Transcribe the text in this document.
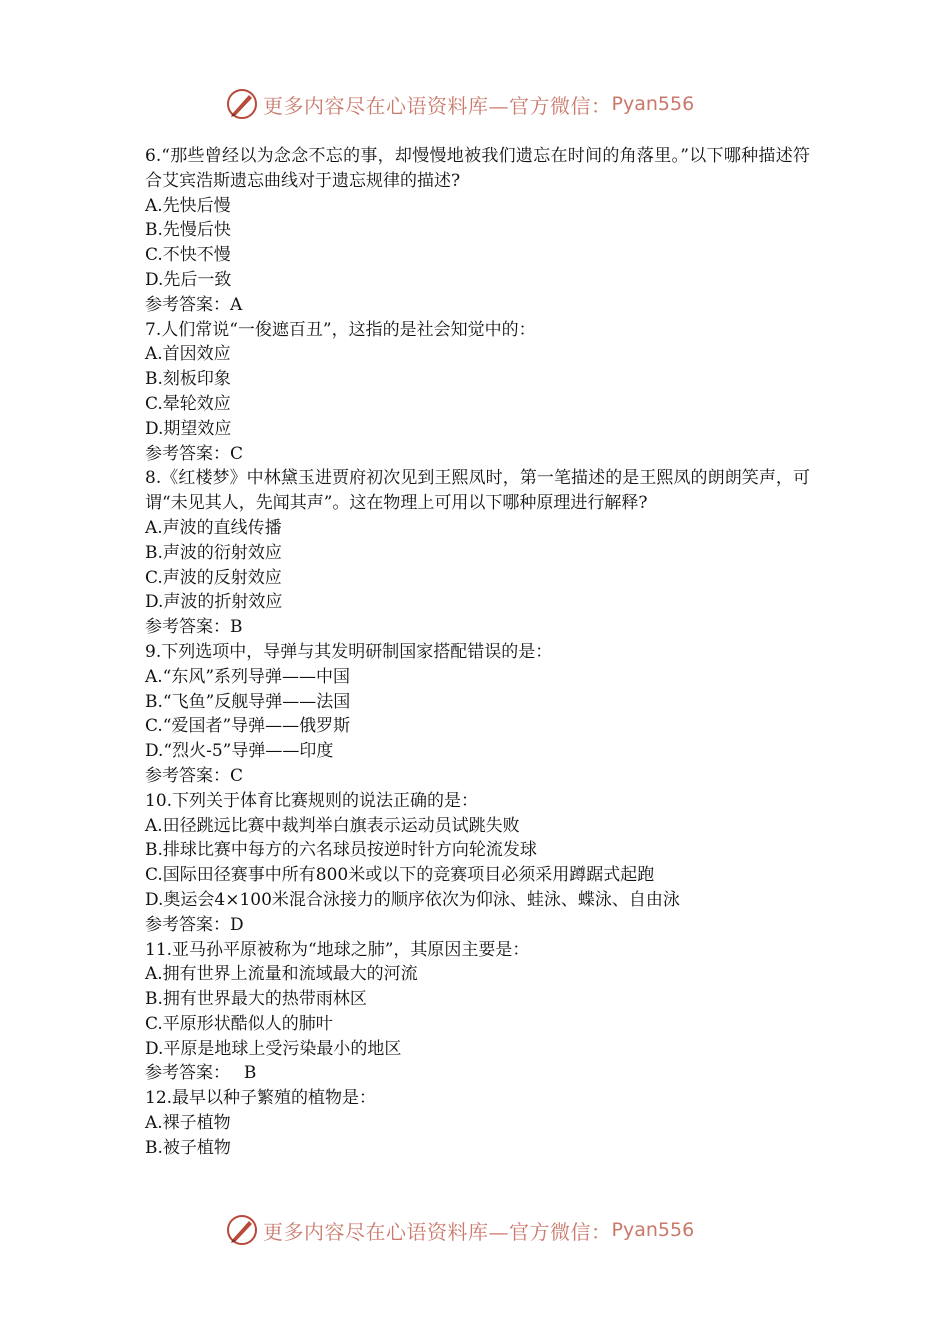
更多内容尽在心语资料库—官方微信： Pyan556
6.“那些曾经以为念念不忘的事，却慢慢地被我们遗忘在时间的角落里。”以下哪种描述符合艾宾浩斯遗忘曲线对于遗忘规律的描述?
A.先快后慢
B.先慢后快
C.不快不慢
D.先后一致
参考答案：A
7.人们常说“一俊遮百丑”，这指的是社会知觉中的：
A.首因效应
B.刻板印象
C.晕轮效应
D.期望效应
参考答案：C
8.《红楼梦》中林黛玉进贾府初次见到王熙凤时，第一笔描述的是王熙凤的朗朗笑声，可谓“未见其人，先闻其声”。这在物理上可用以下哪种原理进行解释?
A.声波的直线传播
B.声波的衍射效应
C.声波的反射效应
D.声波的折射效应
参考答案：B
9.下列选项中，导弹与其发明研制国家搭配错误的是：
A.“东风”系列导弹——中国
B.“飞鱼”反舰导弹——法国
C.“爱国者”导弹——俄罗斯
D.“烈火-5”导弹——印度
参考答案：C
10.下列关于体育比赛规则的说法正确的是：
A.田径跳远比赛中裁判举白旗表示运动员试跳失败
B.排球比赛中每方的六名球员按逆时针方向轮流发球
C.国际田径赛事中所有800米或以下的竞赛项目必须采用蹲踞式起跑
D.奥运会4×100米混合泳接力的顺序依次为仰泳、蛙泳、蝶泳、自由泳
参考答案：D
11.亚马孙平原被称为“地球之肺”，其原因主要是：
A.拥有世界上流量和流域最大的河流
B.拥有世界最大的热带雨林区
C.平原形状酷似人的肺叶
D.平原是地球上受污染最小的地区
参考答案：　 B
12.最早以种子繁殖的植物是：
A.裸子植物
B.被子植物
更多内容尽在心语资料库—官方微信： Pyan556
